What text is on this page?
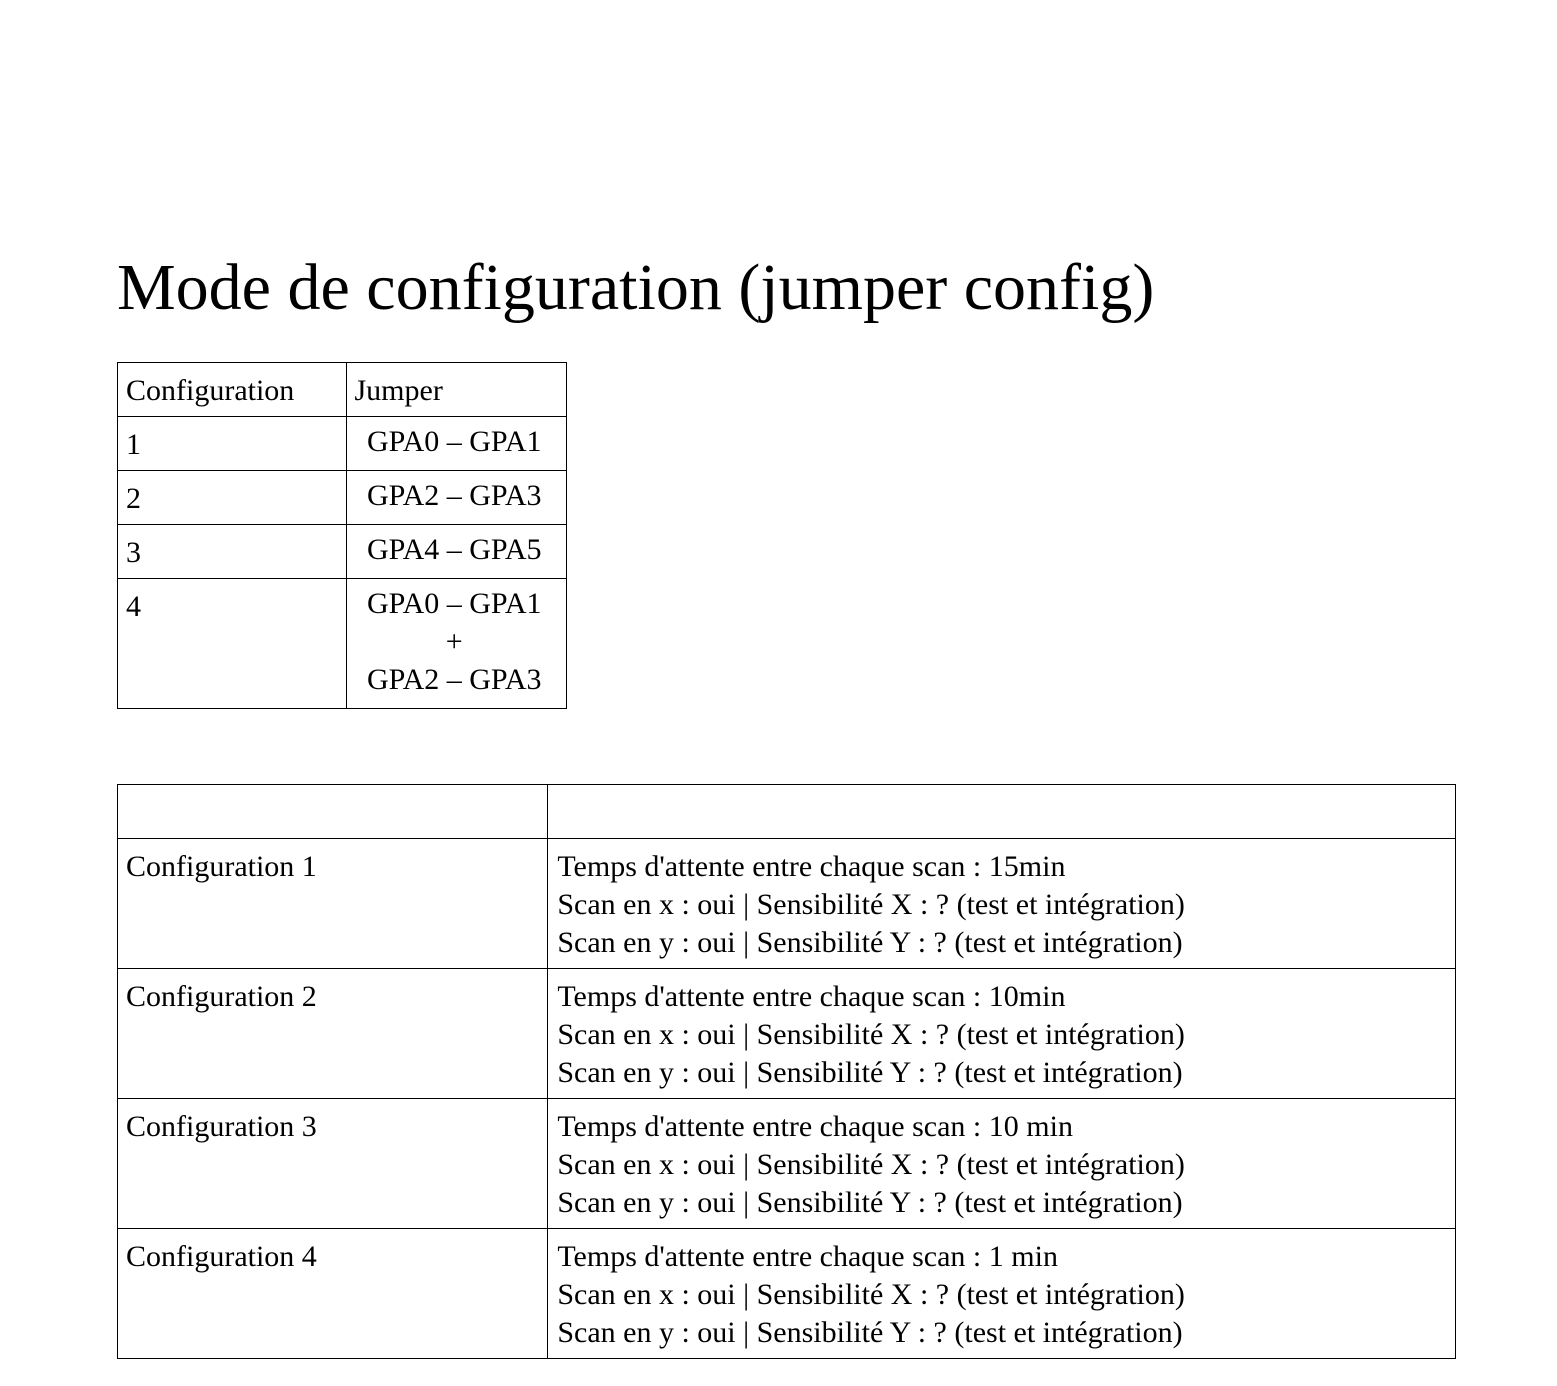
Mode de configuration (jumper config)
Configuration	Jumper

1	GPA0 – GPA1

2	GPA2 – GPA3

3	GPA4 – GPA5

4	GPA0 – GPA1
+
GPA2 – GPA3

Configuration 1	Temps d'attente entre chaque scan : 15min
Scan en x : oui | Sensibilité X : ? (test et intégration)
Scan en y : oui | Sensibilité Y : ? (test et intégration)

Configuration 2	Temps d'attente entre chaque scan : 10min
Scan en x : oui | Sensibilité X : ? (test et intégration)
Scan en y : oui | Sensibilité Y : ? (test et intégration)

Configuration 3	Temps d'attente entre chaque scan : 10 min
Scan en x : oui | Sensibilité X : ? (test et intégration)
Scan en y : oui | Sensibilité Y : ? (test et intégration)

Configuration 4	Temps d'attente entre chaque scan : 1 min
Scan en x : oui | Sensibilité X : ? (test et intégration)
Scan en y : oui | Sensibilité Y : ? (test et intégration)
